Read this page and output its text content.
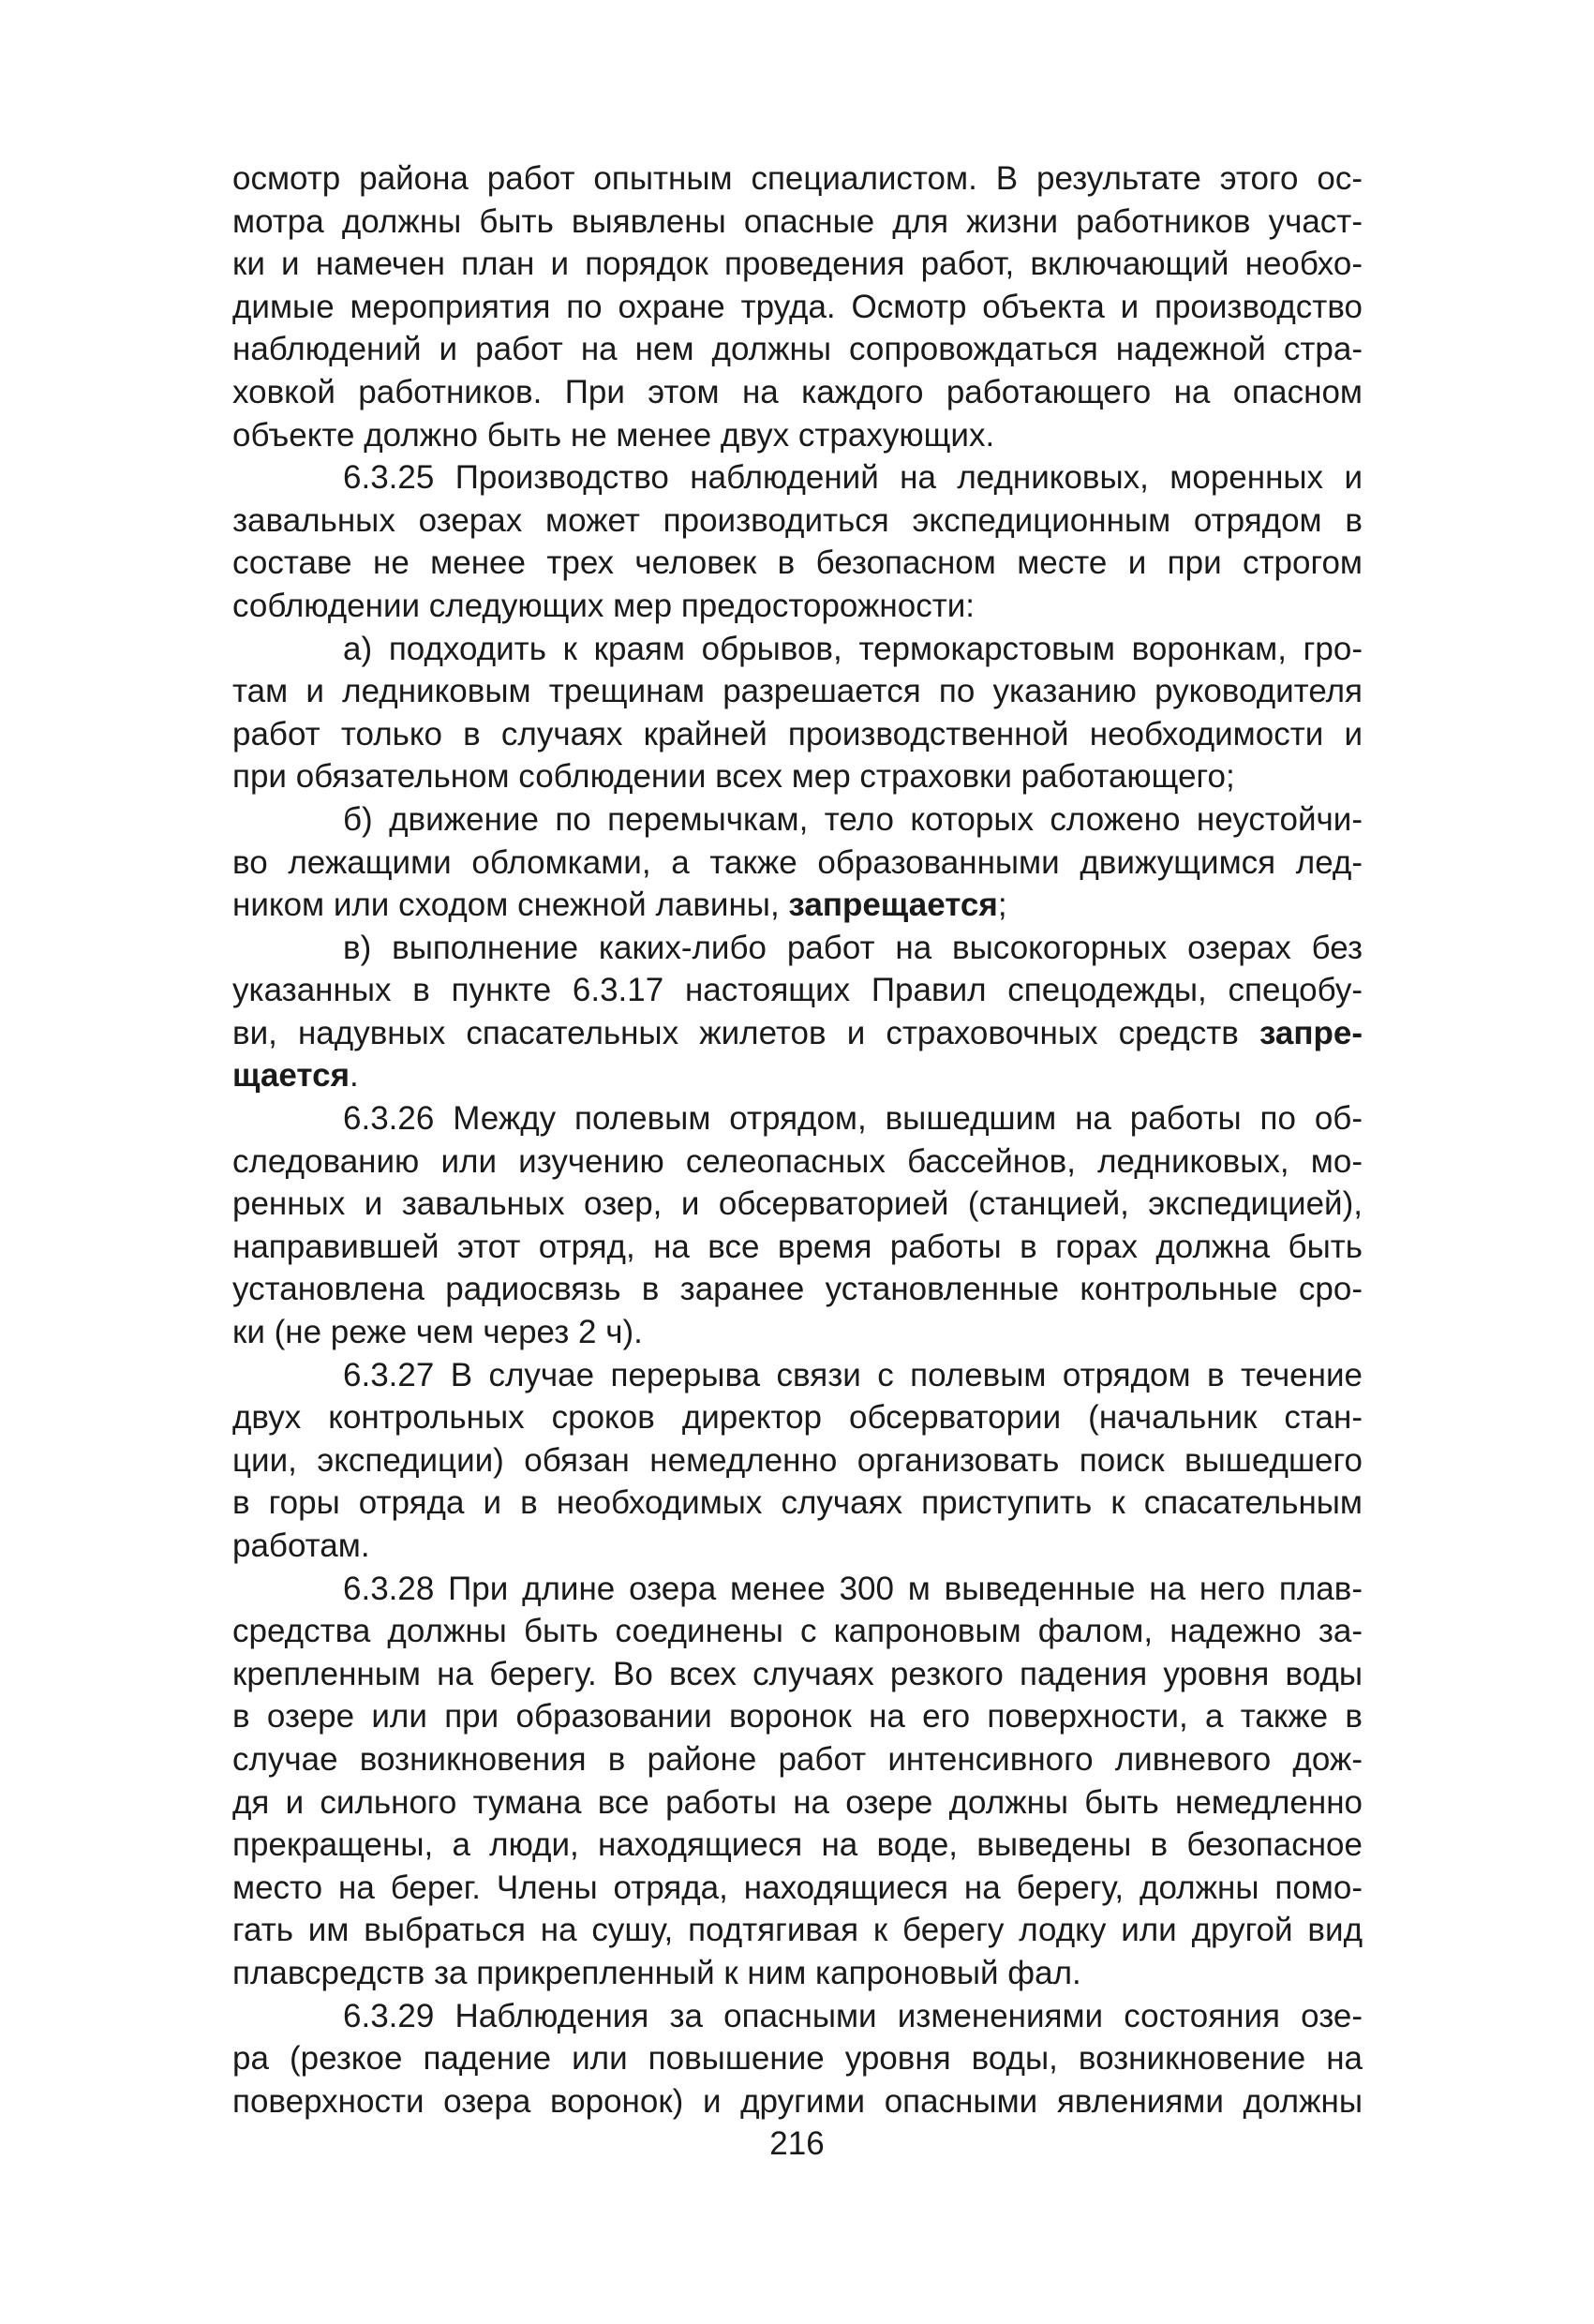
осмотр района работ опытным специалистом. В результате этого ос-
мотра должны быть выявлены опасные для жизни работников участ-
ки и намечен план и порядок проведения работ, включающий необхо-
димые мероприятия по охране труда. Осмотр объекта и производство
наблюдений и работ на нем должны сопровождаться надежной стра-
ховкой работников. При этом на каждого работающего на опасном
объекте должно быть не менее двух страхующих.
6.3.25 Производство наблюдений на ледниковых, моренных и
завальных озерах может производиться экспедиционным отрядом в
составе не менее трех человек в безопасном месте и при строгом
соблюдении следующих мер предосторожности:
а) подходить к краям обрывов, термокарстовым воронкам, гро-
там и ледниковым трещинам разрешается по указанию руководителя
работ только в случаях крайней производственной необходимости и
при обязательном соблюдении всех мер страховки работающего;
б) движение по перемычкам, тело которых сложено неустойчи-
во лежащими обломками, а также образованными движущимся лед-
ником или сходом снежной лавины, запрещается;
в) выполнение каких-либо работ на высокогорных озерах без
указанных в пункте 6.3.17 настоящих Правил спецодежды, спецобу-
ви, надувных спасательных жилетов и страховочных средств запре-
щается.
6.3.26 Между полевым отрядом, вышедшим на работы по об-
следованию или изучению селеопасных бассейнов, ледниковых, мо-
ренных и завальных озер, и обсерваторией (станцией, экспедицией),
направившей этот отряд, на все время работы в горах должна быть
установлена радиосвязь в заранее установленные контрольные сро-
ки (не реже чем через 2 ч).
6.3.27 В случае перерыва связи с полевым отрядом в течение
двух контрольных сроков директор обсерватории (начальник стан-
ции, экспедиции) обязан немедленно организовать поиск вышедшего
в горы отряда и в необходимых случаях приступить к спасательным
работам.
6.3.28 При длине озера менее 300 м выведенные на него плав-
средства должны быть соединены с капроновым фалом, надежно за-
крепленным на берегу. Во всех случаях резкого падения уровня воды
в озере или при образовании воронок на его поверхности, а также в
случае возникновения в районе работ интенсивного ливневого дож-
дя и сильного тумана все работы на озере должны быть немедленно
прекращены, а люди, находящиеся на воде, выведены в безопасное
место на берег. Члены отряда, находящиеся на берегу, должны помо-
гать им выбраться на сушу, подтягивая к берегу лодку или другой вид
плавсредств за прикрепленный к ним капроновый фал.
6.3.29 Наблюдения за опасными изменениями состояния озе-
ра (резкое падение или повышение уровня воды, возникновение на
поверхности озера воронок) и другими опасными явлениями должны
216
